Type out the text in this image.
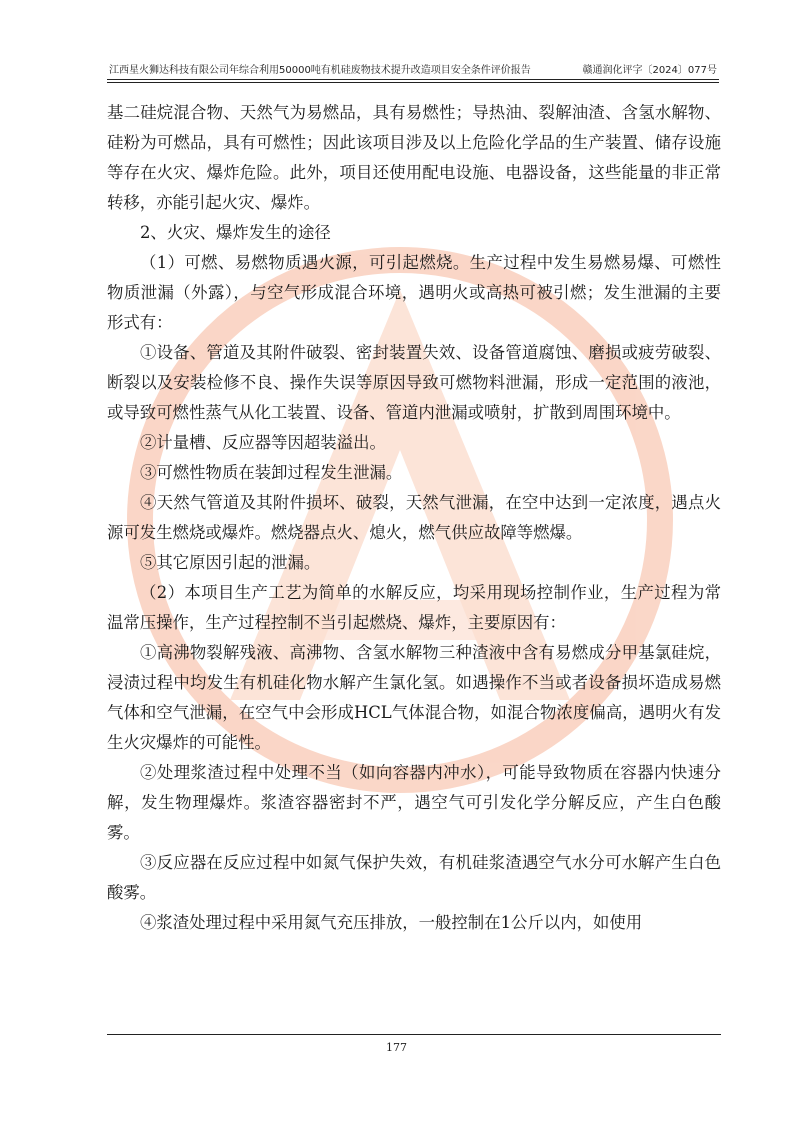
江西星火狮达科技有限公司年综合利用50000吨有机硅废物技术提升改造项目安全条件评价报告	赣通润化评字〔2024〕077号

基二硅烷混合物、天然气为易燃品，具有易燃性；导热油、裂解油渣、含氢水解物、硅粉为可燃品，具有可燃性；因此该项目涉及以上危险化学品的生产装置、储存设施等存在火灾、爆炸危险。此外，项目还使用配电设施、电器设备，这些能量的非正常转移，亦能引起火灾、爆炸。

2、火灾、爆炸发生的途径

（1）可燃、易燃物质遇火源，可引起燃烧。生产过程中发生易燃易爆、可燃性物质泄漏（外露），与空气形成混合环境，遇明火或高热可被引燃；发生泄漏的主要形式有：

①设备、管道及其附件破裂、密封装置失效、设备管道腐蚀、磨损或疲劳破裂、断裂以及安装检修不良、操作失误等原因导致可燃物料泄漏，形成一定范围的液池，或导致可燃性蒸气从化工装置、设备、管道内泄漏或喷射，扩散到周围环境中。

②计量槽、反应器等因超装溢出。

③可燃性物质在装卸过程发生泄漏。

④天然气管道及其附件损坏、破裂，天然气泄漏，在空中达到一定浓度，遇点火源可发生燃烧或爆炸。燃烧器点火、熄火，燃气供应故障等燃爆。

⑤其它原因引起的泄漏。

（2）本项目生产工艺为简单的水解反应，均采用现场控制作业，生产过程为常温常压操作，生产过程控制不当引起燃烧、爆炸，主要原因有：

①高沸物裂解残液、高沸物、含氢水解物三种渣液中含有易燃成分甲基氯硅烷，浸渍过程中均发生有机硅化物水解产生氯化氢。如遇操作不当或者设备损坏造成易燃气体和空气泄漏，在空气中会形成HCL气体混合物，如混合物浓度偏高，遇明火有发生火灾爆炸的可能性。

②处理浆渣过程中处理不当（如向容器内冲水），可能导致物质在容器内快速分解，发生物理爆炸。浆渣容器密封不严，遇空气可引发化学分解反应，产生白色酸雾。

③反应器在反应过程中如氮气保护失效，有机硅浆渣遇空气水分可水解产生白色酸雾。

④浆渣处理过程中采用氮气充压排放，一般控制在1公斤以内，如使用

177
